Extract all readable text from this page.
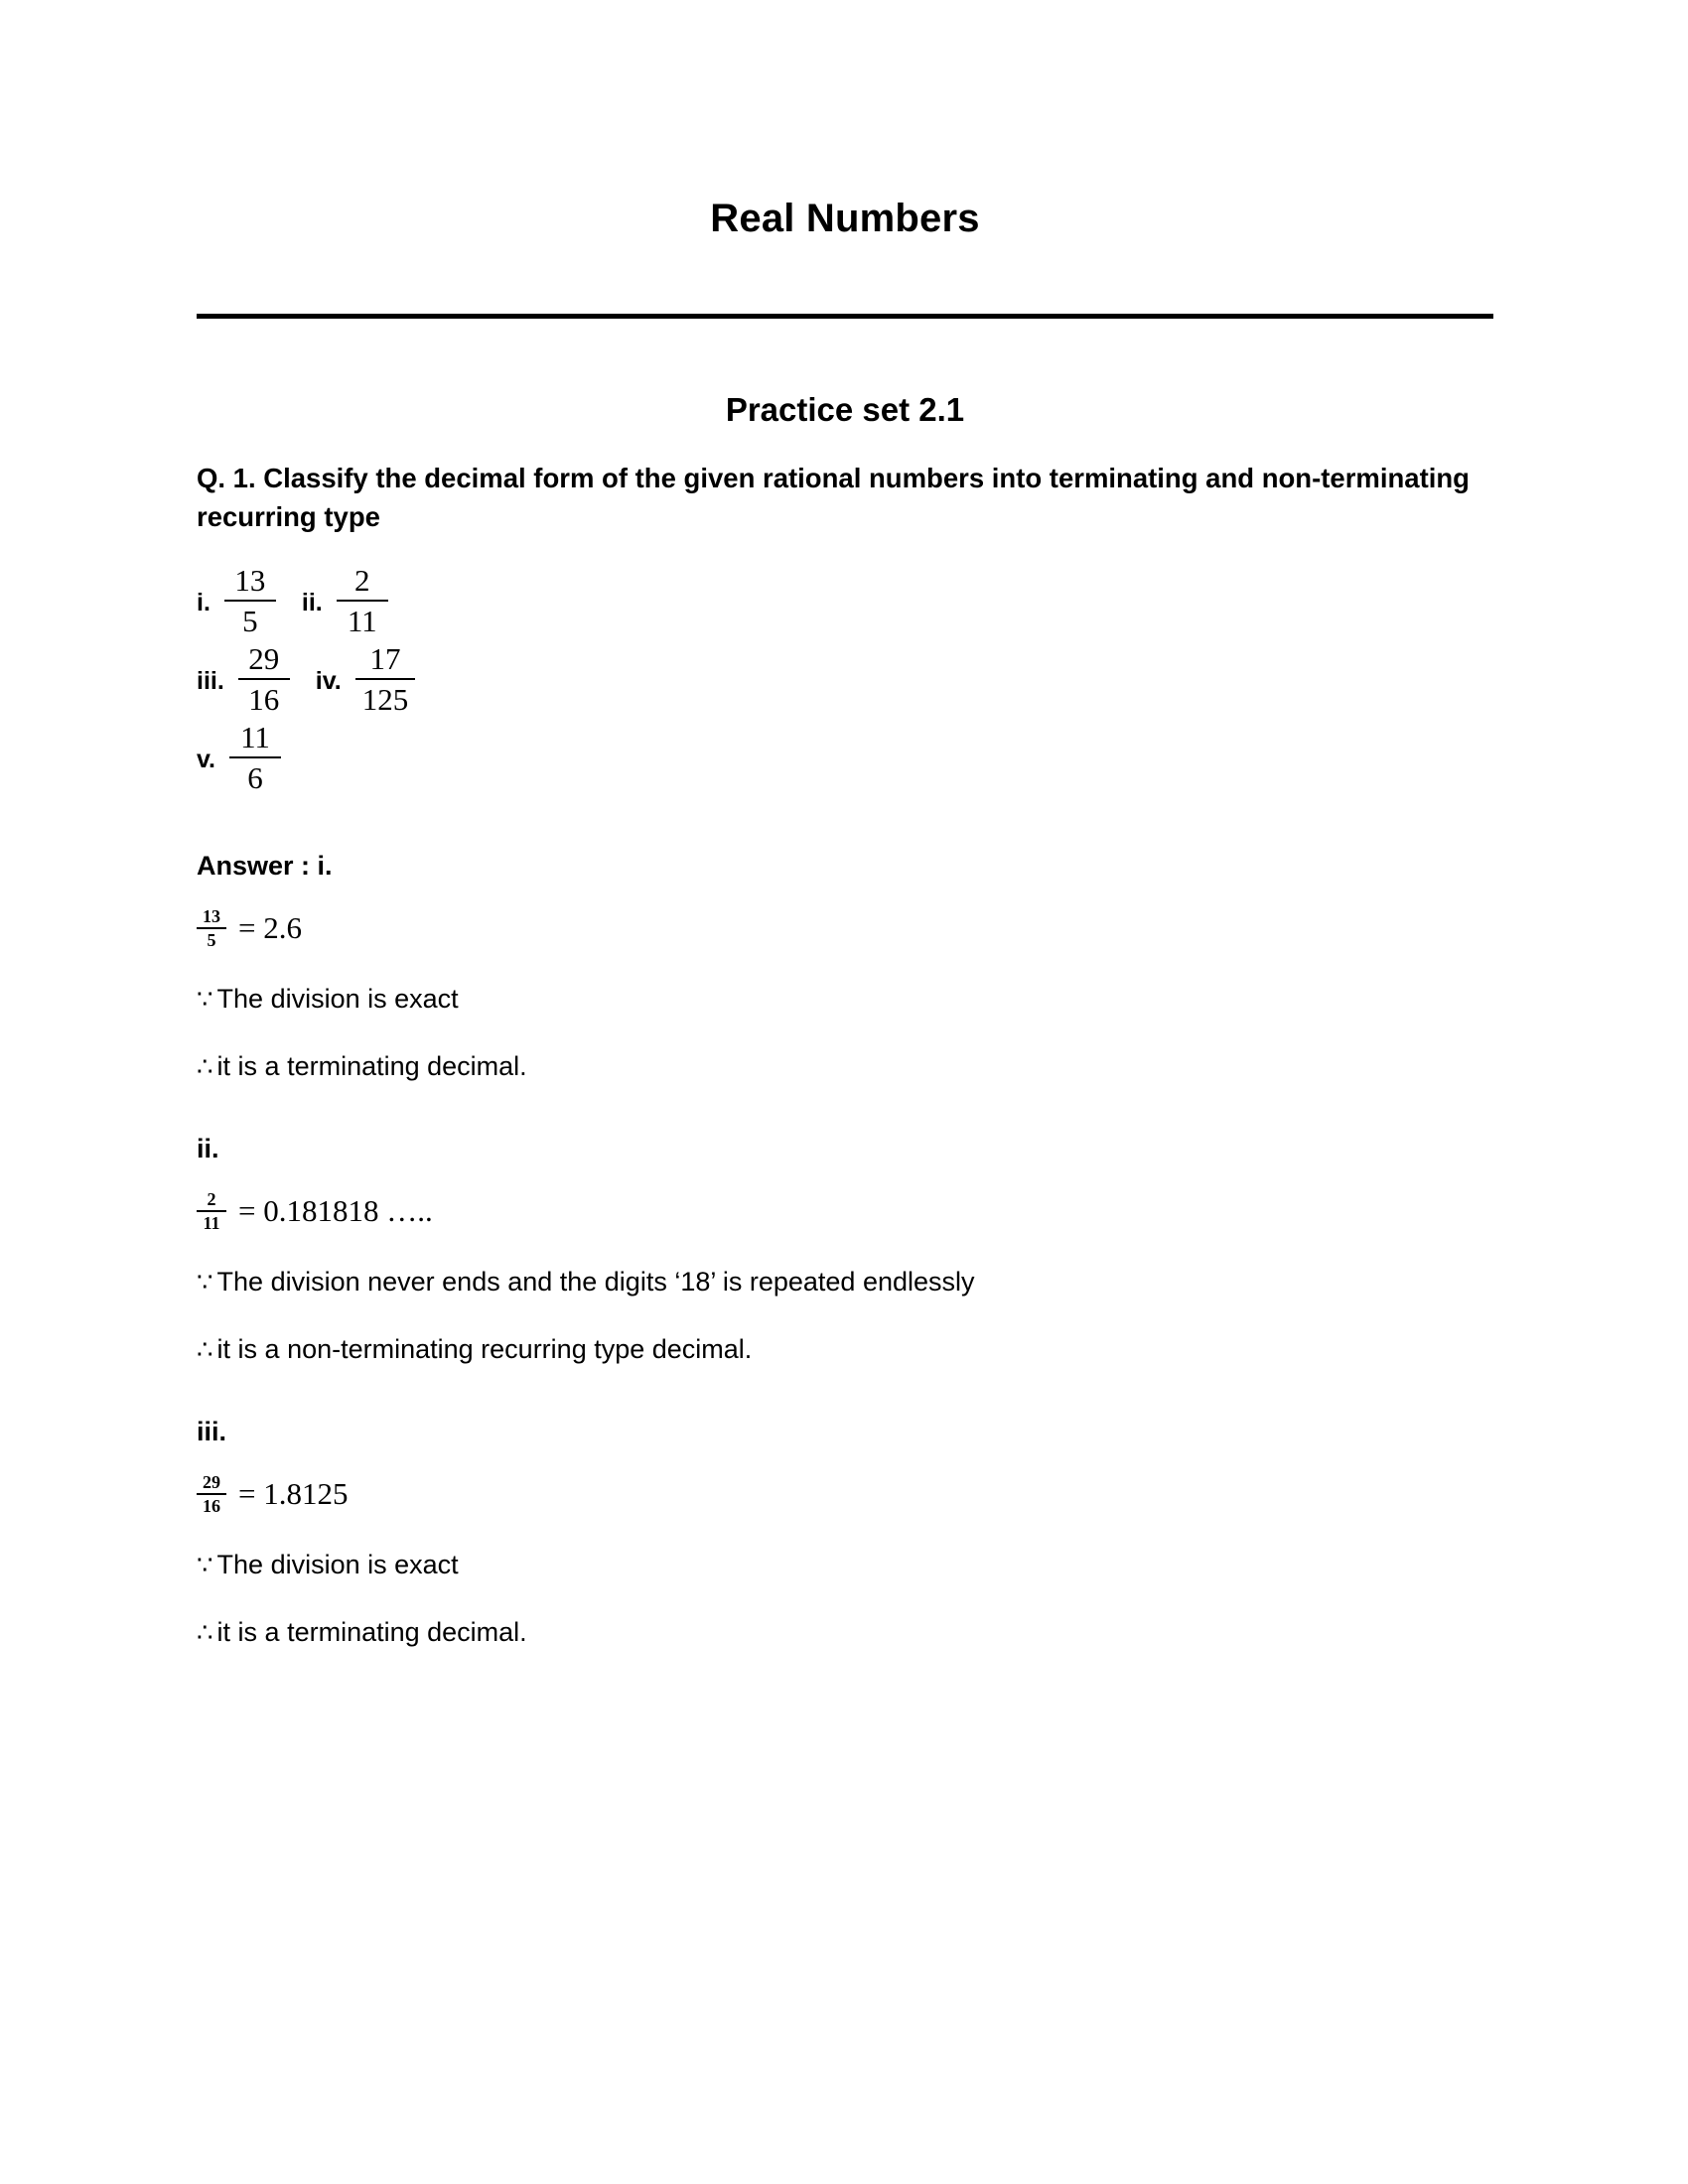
Real Numbers
Practice set 2.1

Q. 1. Classify the decimal form of the given rational numbers into terminating and non-terminating recurring type

i. $\frac{13}{5}$ ii. $\frac{2}{11}$
iii. $\frac{29}{16}$ iv. $\frac{17}{125}$
v. $\frac{11}{6}$

Answer : i.

$\frac{13}{5} = 2.6$

∵ The division is exact

∴ it is a terminating decimal.

ii.

$\frac{2}{11} = 0.181818$ …..

∵ The division never ends and the digits ‘18’ is repeated endlessly

∴ it is a non-terminating recurring type decimal.

iii.

$\frac{29}{16} = 1.8125$

∵ The division is exact

∴ it is a terminating decimal.
